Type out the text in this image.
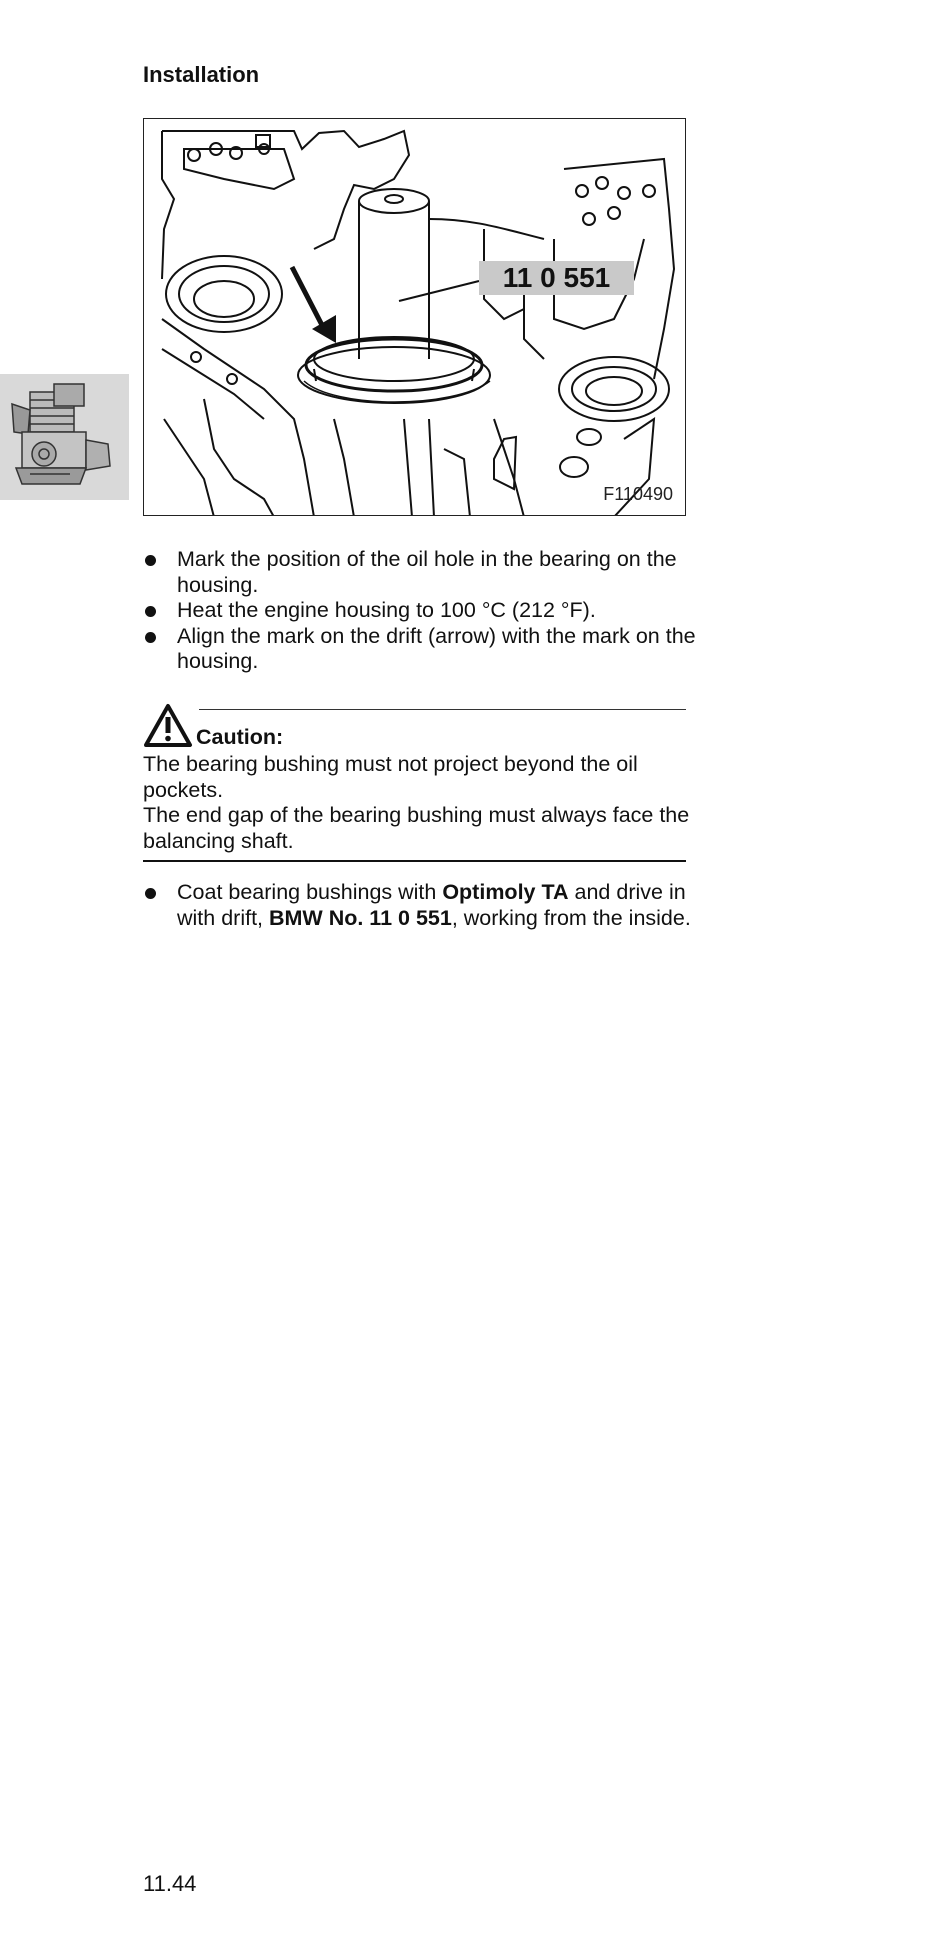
Installation
11 0 551
F110490
Mark the position of the oil hole in the bearing on the housing.
Heat the engine housing to 100 °C (212 °F).
Align the mark on the drift (arrow) with the mark on the housing.
Caution:

The bearing bushing must not project beyond the oil pockets.

The end gap of the bearing bushing must always face the balancing shaft.

Coat bearing bushings with Optimoly TA and drive in with drift, BMW No. 11 0 551, working from the inside.
11.44
